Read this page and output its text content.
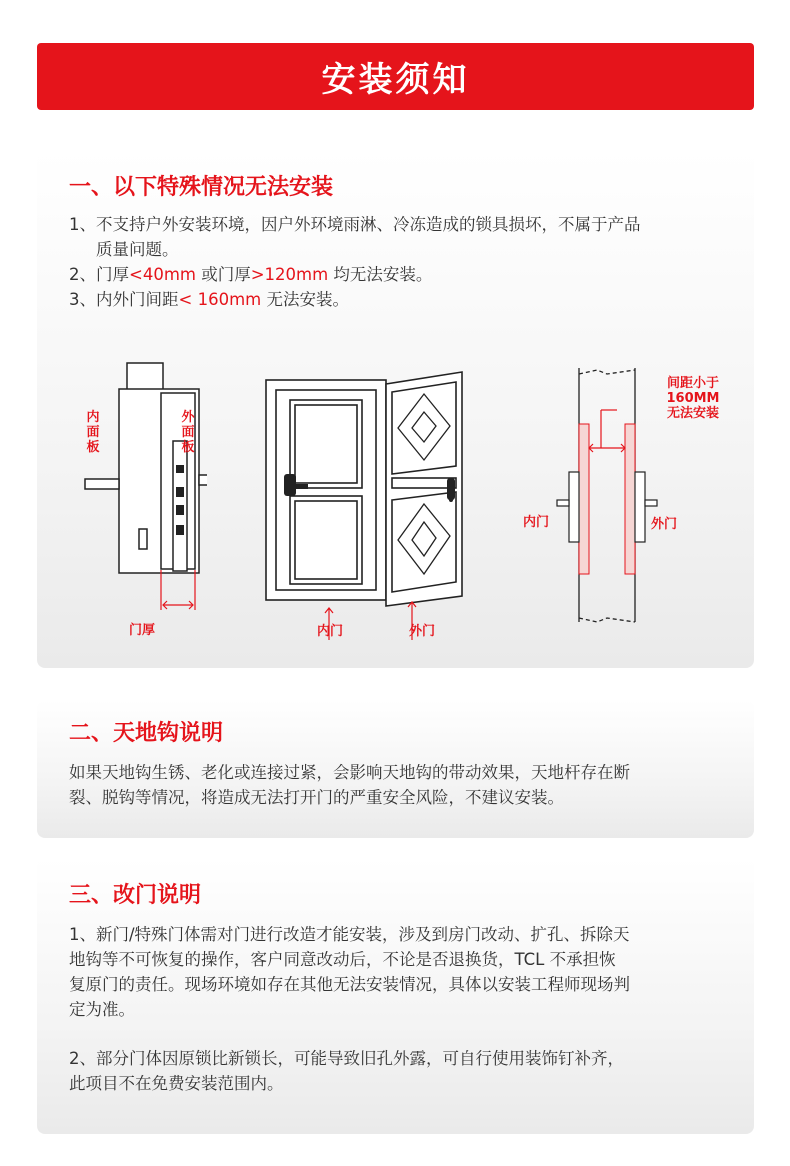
安装须知
一、以下特殊情况无法安装
1、不支持户外安装环境，因户外环境雨淋、冷冻造成的锁具损坏，不属于产品
质量问题。
2、门厚<40mm 或门厚>120mm 均无法安装。
3、内外门间距< 160mm 无法安装。
内面板
外面板
门厚	内门	外门
间距小于
160MM
无法安装
内门	外门
二、天地钩说明
如果天地钩生锈、老化或连接过紧，会影响天地钩的带动效果，天地杆存在断
裂、脱钩等情况，将造成无法打开门的严重安全风险，不建议安装。
三、改门说明
1、新门/特殊门体需对门进行改造才能安装，涉及到房门改动、扩孔、拆除天
地钩等不可恢复的操作，客户同意改动后，不论是否退换货，TCL 不承担恢
复原门的责任。现场环境如存在其他无法安装情况，具体以安装工程师现场判
定为准。
2、部分门体因原锁比新锁长，可能导致旧孔外露，可自行使用装饰钉补齐，
此项目不在免费安装范围内。
